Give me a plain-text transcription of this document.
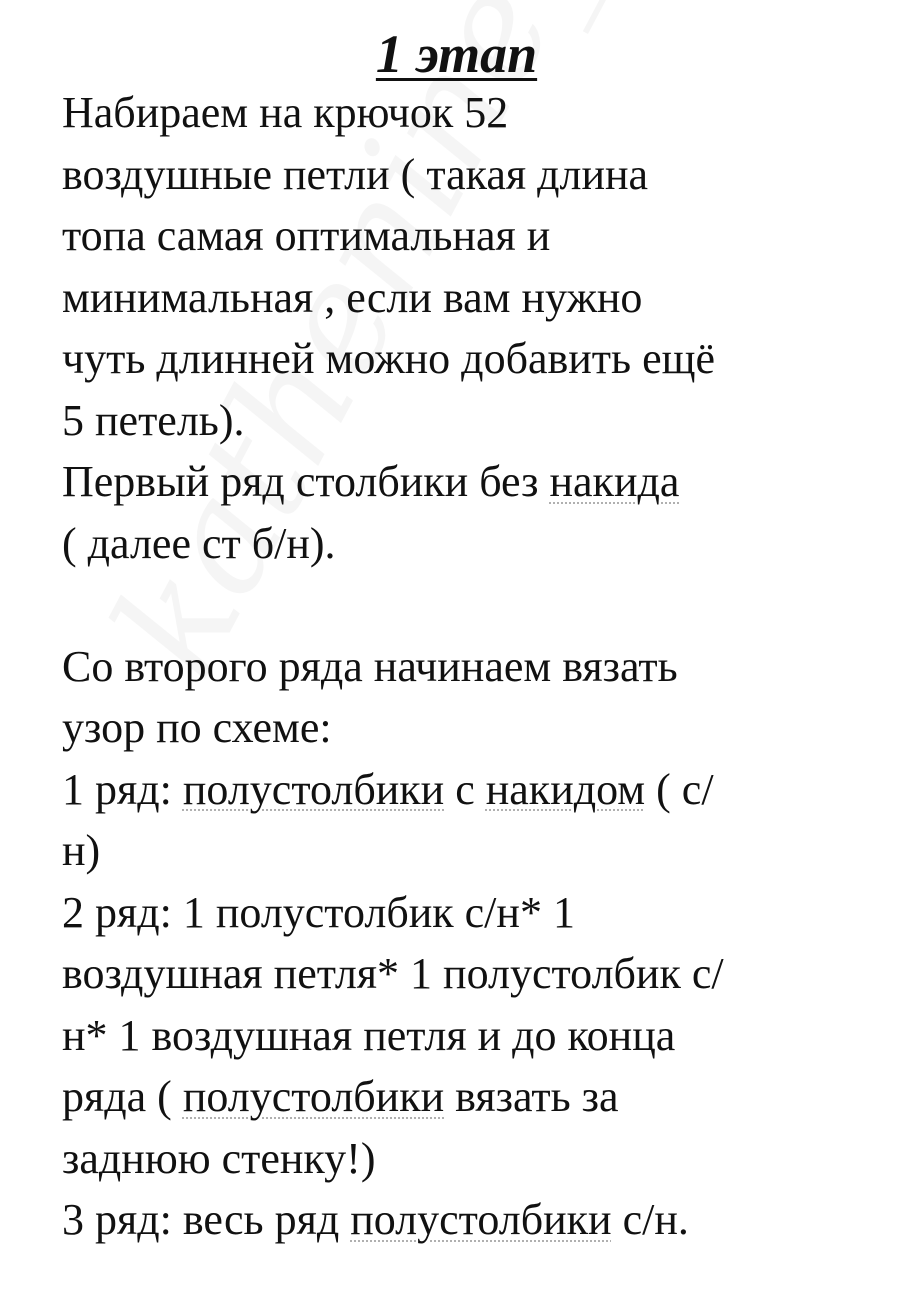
1 этап
Набираем на крючок 52
воздушные петли ( такая длина
топа самая оптимальная и
минимальная , если вам нужно
чуть длинней можно добавить ещё
5 петель).
Первый ряд столбики без накида
( далее ст б/н).
Со второго ряда начинаем вязать
узор по схеме:
1 ряд: полустолбики с накидом ( с/
н)
2 ряд: 1 полустолбик с/н* 1
воздушная петля* 1 полустолбик с/
н* 1 воздушная петля и до конца
ряда ( полустолбики вязать за
заднюю стенку!)
3 ряд: весь ряд полустолбики с/н.
